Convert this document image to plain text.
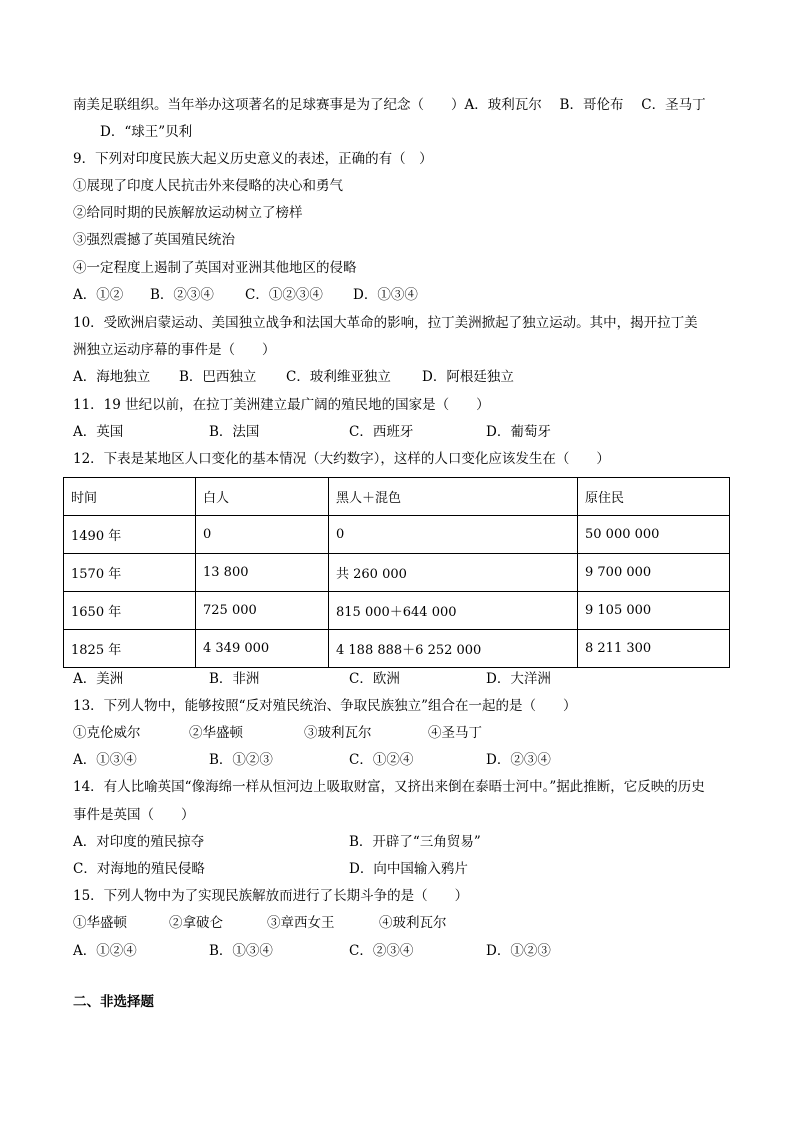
南美足联组织。当年举办这项著名的足球赛事是为了纪念（　　）A．玻利瓦尔　 B．哥伦布　 C．圣马丁
D．“球王”贝利
9．下列对印度民族大起义历史意义的表述，正确的有（　）
①展现了印度人民抗击外来侵略的决心和勇气
②给同时期的民族解放运动树立了榜样
③强烈震撼了英国殖民统治
④一定程度上遏制了英国对亚洲其他地区的侵略
A．①② B．②③④ C．①②③④ D．①③④
10．受欧洲启蒙运动、美国独立战争和法国大革命的影响，拉丁美洲掀起了独立运动。其中，揭开拉丁美
洲独立运动序幕的事件是（　　）
A．海地独立 B．巴西独立 C．玻利维亚独立 D．阿根廷独立
11．19 世纪以前，在拉丁美洲建立最广阔的殖民地的国家是（　　）
A．英国	B．法国	C．西班牙	D．葡萄牙
12．下表是某地区人口变化的基本情况（大约数字），这样的人口变化应该发生在（　　）
时间	白人	黑人＋混色	原住民
1490 年	0	0	50 000 000
1570 年	13 800	共 260 000	9 700 000
1650 年	725 000	815 000＋644 000	9 105 000
1825 年	4 349 000	4 188 888＋6 252 000	8 211 300
A．美洲	B．非洲	C．欧洲	D．大洋洲
13．下列人物中，能够按照“反对殖民统治、争取民族独立”组合在一起的是（　　）
①克伦威尔	②华盛顿	③玻利瓦尔	④圣马丁
A．①③④	B．①②③	C．①②④	D．②③④
14．有人比喻英国“像海绵一样从恒河边上吸取财富，又挤出来倒在泰晤士河中。”据此推断，它反映的历史
事件是英国（　　）
A．对印度的殖民掠夺	B．开辟了“三角贸易”
C．对海地的殖民侵略	D．向中国输入鸦片
15．下列人物中为了实现民族解放而进行了长期斗争的是（　　）
①华盛顿	②拿破仑	③章西女王	④玻利瓦尔
A．①②④	B．①③④	C．②③④	D．①②③
二、非选择题
